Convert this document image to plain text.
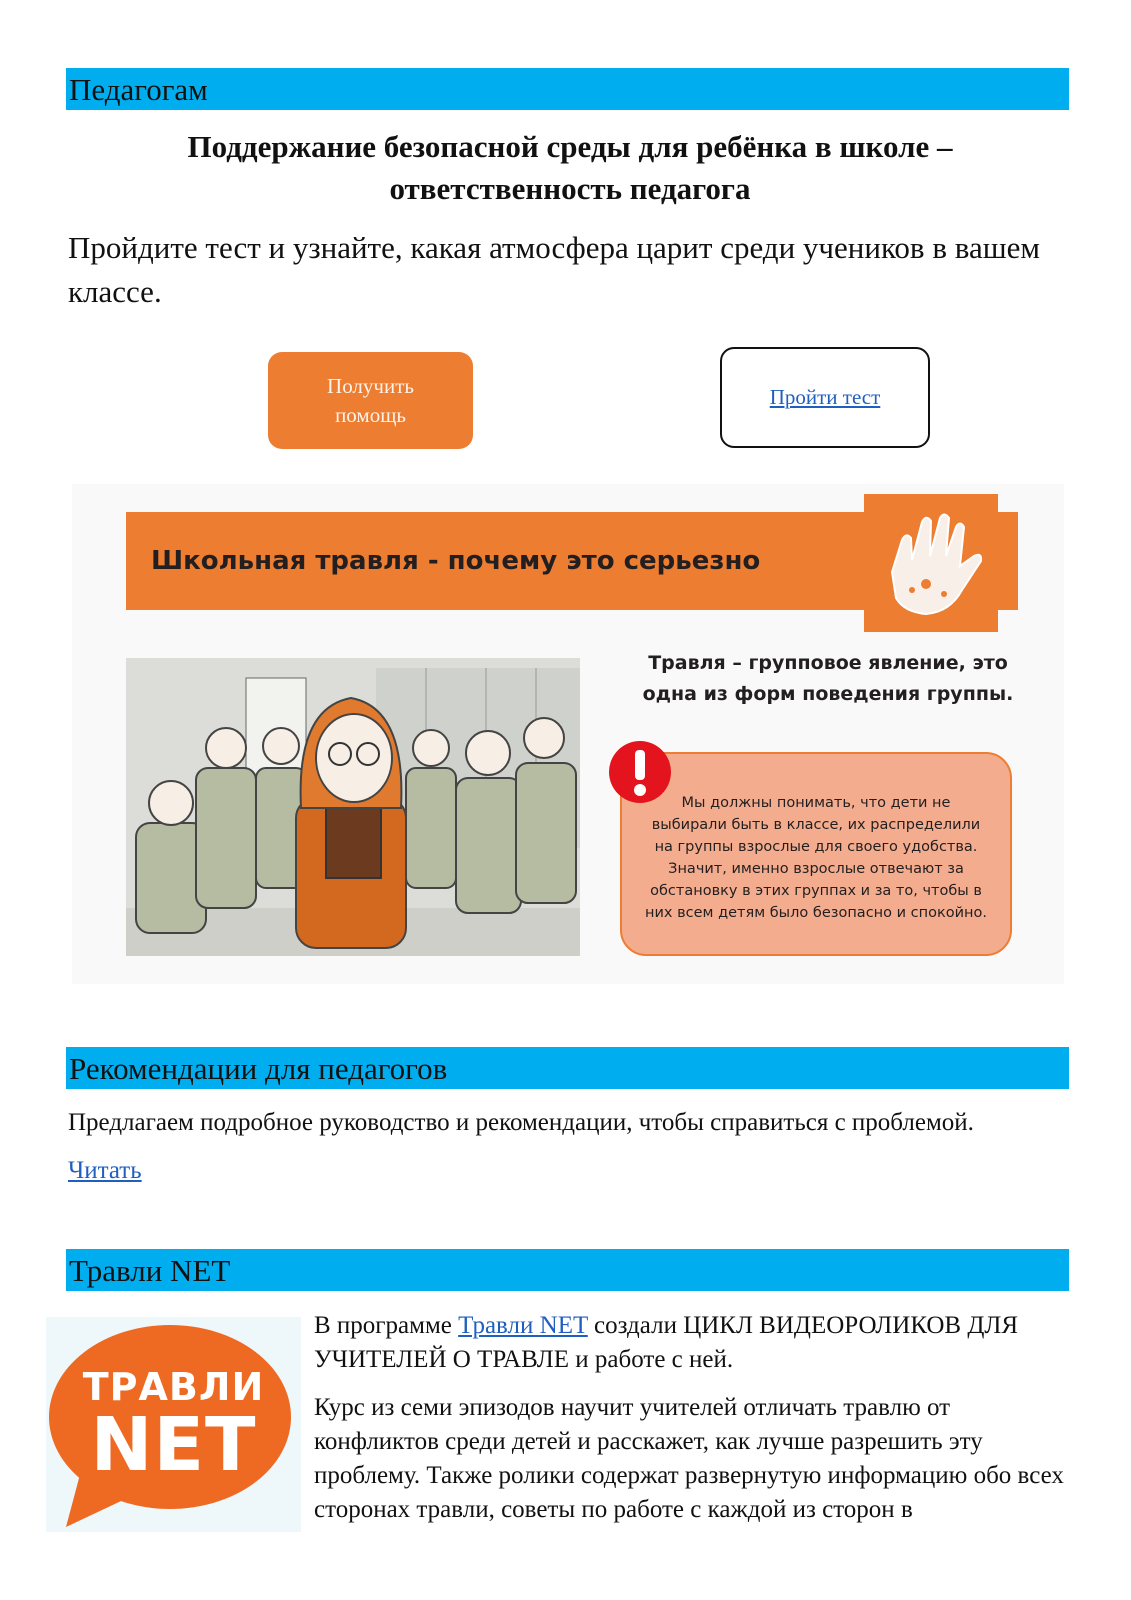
Педагогам
Поддержание безопасной среды для ребёнка в школе – ответственность педагога
Пройдите тест и узнайте, какая атмосфера царит среди учеников в вашем классе.
Получить помощь
Пройти тест
Школьная травля - почему это серьезно
Травля – групповое явление, это одна из форм поведения группы.
Мы должны понимать, что дети не выбирали быть в классе, их распределили на группы взрослые для своего удобства. Значит, именно взрослые отвечают за обстановку в этих группах и за то, чтобы в них всем детям было безопасно и спокойно.
Рекомендации для педагогов
Предлагаем подробное руководство и рекомендации, чтобы справиться с проблемой.
Читать
Травли NET
ТРАВЛИ
NET
В программе Травли NET создали ЦИКЛ ВИДЕОРОЛИКОВ ДЛЯ УЧИТЕЛЕЙ О ТРАВЛЕ и работе с ней.
Курс из семи эпизодов научит учителей отличать травлю от конфликтов среди детей и расскажет, как лучше разрешить эту проблему. Также ролики содержат развернутую информацию обо всех сторонах травли, советы по работе с каждой из сторон в
